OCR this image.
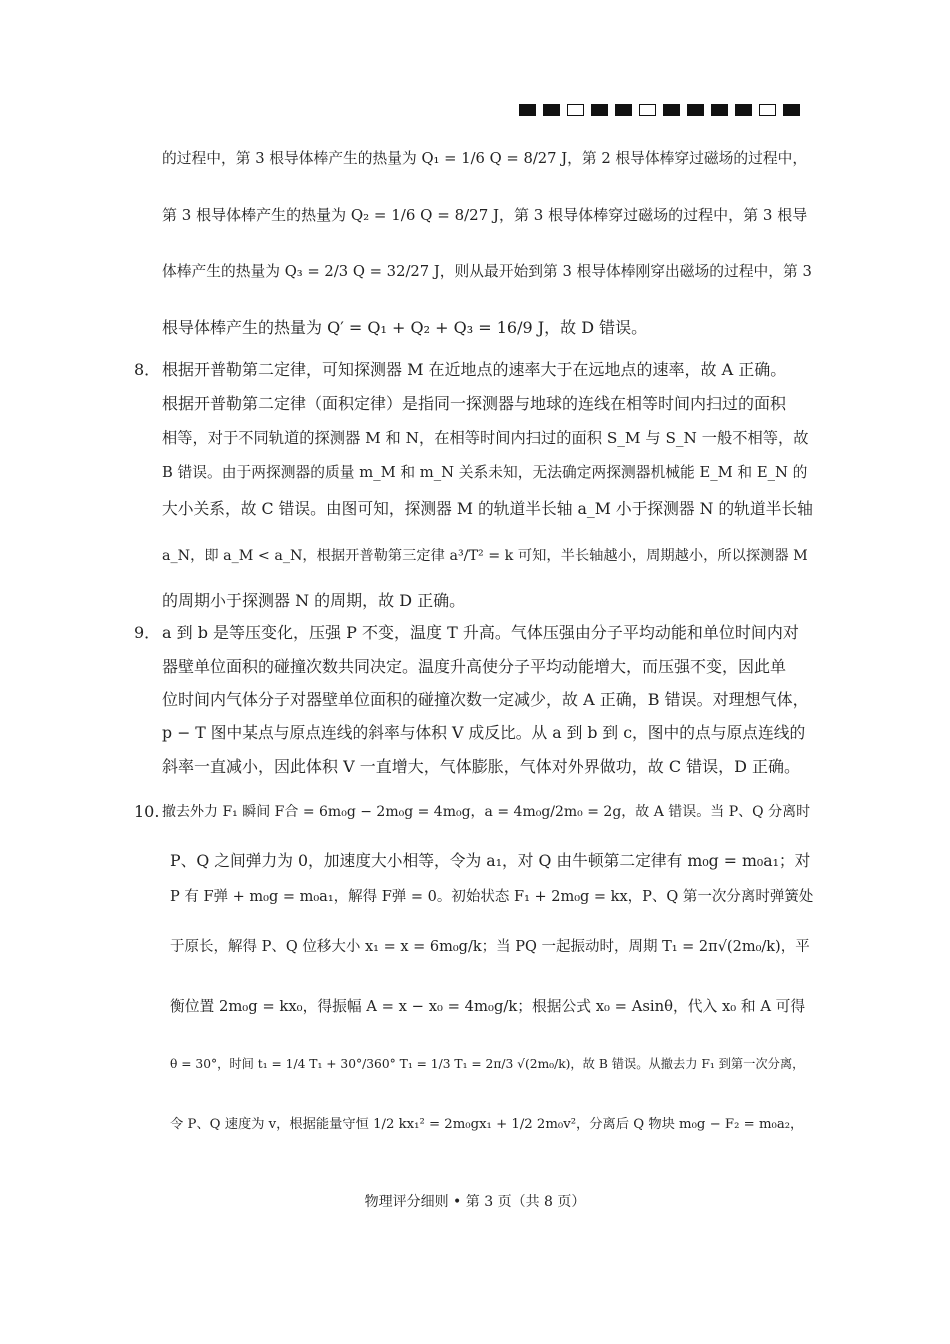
8．
9．
10.
的过程中，第 3 根导体棒产生的热量为 Q₁ = 1/6 Q = 8/27 J，第 2 根导体棒穿过磁场的过程中，
第 3 根导体棒产生的热量为 Q₂ = 1/6 Q = 8/27 J，第 3 根导体棒穿过磁场的过程中，第 3 根导
体棒产生的热量为 Q₃ = 2/3 Q = 32/27 J，则从最开始到第 3 根导体棒刚穿出磁场的过程中，第 3
根导体棒产生的热量为 Q′ = Q₁ + Q₂ + Q₃ = 16/9 J，故 D 错误。
根据开普勒第二定律，可知探测器 M 在近地点的速率大于在远地点的速率，故 A 正确。
根据开普勒第二定律（面积定律）是指同一探测器与地球的连线在相等时间内扫过的面积
相等，对于不同轨道的探测器 M 和 N，在相等时间内扫过的面积 S_M 与 S_N 一般不相等，故
B 错误。由于两探测器的质量 m_M 和 m_N 关系未知，无法确定两探测器机械能 E_M 和 E_N 的
大小关系，故 C 错误。由图可知，探测器 M 的轨道半长轴 a_M 小于探测器 N 的轨道半长轴
a_N，即 a_M < a_N，根据开普勒第三定律 a³/T² = k 可知，半长轴越小，周期越小，所以探测器 M
的周期小于探测器 N 的周期，故 D 正确。
a 到 b 是等压变化，压强 P 不变，温度 T 升高。气体压强由分子平均动能和单位时间内对
器壁单位面积的碰撞次数共同决定。温度升高使分子平均动能增大，而压强不变，因此单
位时间内气体分子对器壁单位面积的碰撞次数一定减少，故 A 正确，B 错误。对理想气体，
p − T 图中某点与原点连线的斜率与体积 V 成反比。从 a 到 b 到 c，图中的点与原点连线的
斜率一直减小，因此体积 V 一直增大，气体膨胀，气体对外界做功，故 C 错误，D 正确。
撤去外力 F₁ 瞬间 F合 = 6m₀g − 2m₀g = 4m₀g，a = 4m₀g/2m₀ = 2g，故 A 错误。当 P、Q 分离时
P、Q 之间弹力为 0，加速度大小相等，令为 a₁，对 Q 由牛顿第二定律有 m₀g = m₀a₁；对
P 有 F弹 + m₀g = m₀a₁，解得 F弹 = 0。初始状态 F₁ + 2m₀g = kx，P、Q 第一次分离时弹簧处
于原长，解得 P、Q 位移大小 x₁ = x = 6m₀g/k；当 PQ 一起振动时，周期 T₁ = 2π√(2m₀/k)，平
衡位置 2m₀g = kx₀，得振幅 A = x − x₀ = 4m₀g/k；根据公式 x₀ = Asinθ，代入 x₀ 和 A 可得
θ = 30°，时间 t₁ = 1/4 T₁ + 30°/360° T₁ = 1/3 T₁ = 2π/3 √(2m₀/k)，故 B 错误。从撤去力 F₁ 到第一次分离，
令 P、Q 速度为 v，根据能量守恒 1/2 kx₁² = 2m₀gx₁ + 1/2 2m₀v²，分离后 Q 物块 m₀g − F₂ = m₀a₂，
物理评分细则 • 第 3 页（共 8 页）
